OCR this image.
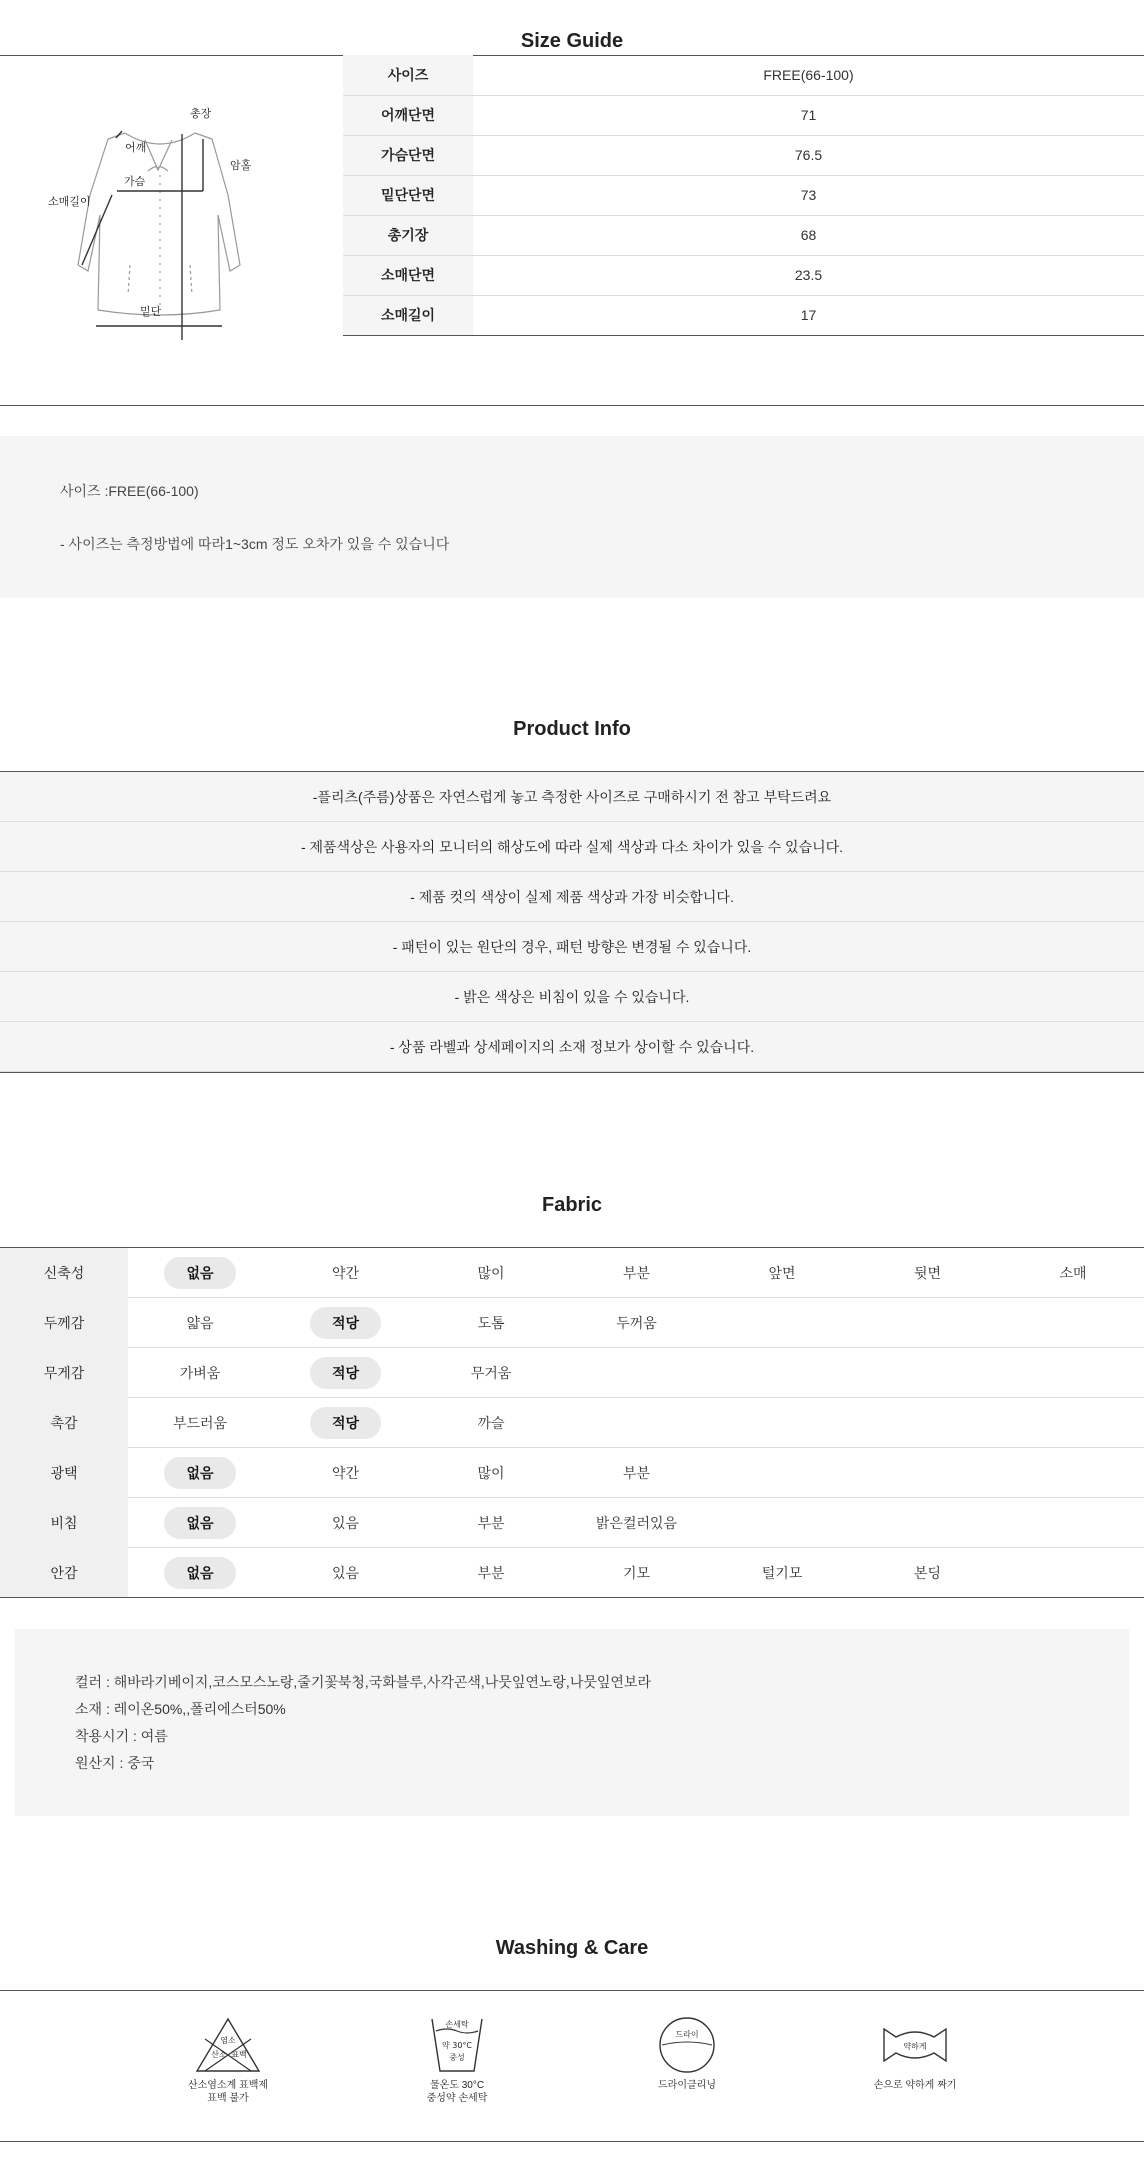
Size Guide
총장
어깨
가슴
암홀
소매길이
밑단
사이즈	FREE(66-100)
어깨단면	71
가슴단면	76.5
밑단단면	73
총기장	68
소매단면	23.5
소매길이	17
사이즈 :FREE(66-100)
- 사이즈는 측정방법에 따라1~3cm 정도 오차가 있을 수 있습니다
Product Info
-플리츠(주름)상품은 자연스럽게 놓고 측정한 사이즈로 구매하시기 전 참고 부탁드려요
- 제품색상은 사용자의 모니터의 해상도에 따라 실제 색상과 다소 차이가 있을 수 있습니다.
- 제품 컷의 색상이 실제 제품 색상과 가장 비슷합니다.
- 패턴이 있는 원단의 경우, 패턴 방향은 변경될 수 있습니다.
- 밝은 색상은 비침이 있을 수 있습니다.
- 상품 라벨과 상세페이지의 소재 정보가 상이할 수 있습니다.
Fabric
신축성	없음	약간	많이	부분	앞면	뒷면	소매
두께감	얇음	적당	도톰	두꺼움
무게감	가벼움	적당	무거움
촉감	부드러움	적당	까슬
광택	없음	약간	많이	부분
비침	없음	있음	부분	밝은컬러있음
안감	없음	있음	부분	기모	털기모	본딩
컬러 : 해바라기베이지,코스모스노랑,줄기꽃북청,국화블루,사각곤색,나뭇잎연노랑,나뭇잎연보라
소재 : 레이온50%,,폴리에스터50%
착용시기 : 여름
원산지 : 중국
Washing & Care
염소
산소 표백
산소염소계 표백제
표백 불가
손세탁
약 30°C
중성
물온도 30°C
중성약 손세탁
드라이
드라이클리닝
약하게
손으로 약하게 짜기
